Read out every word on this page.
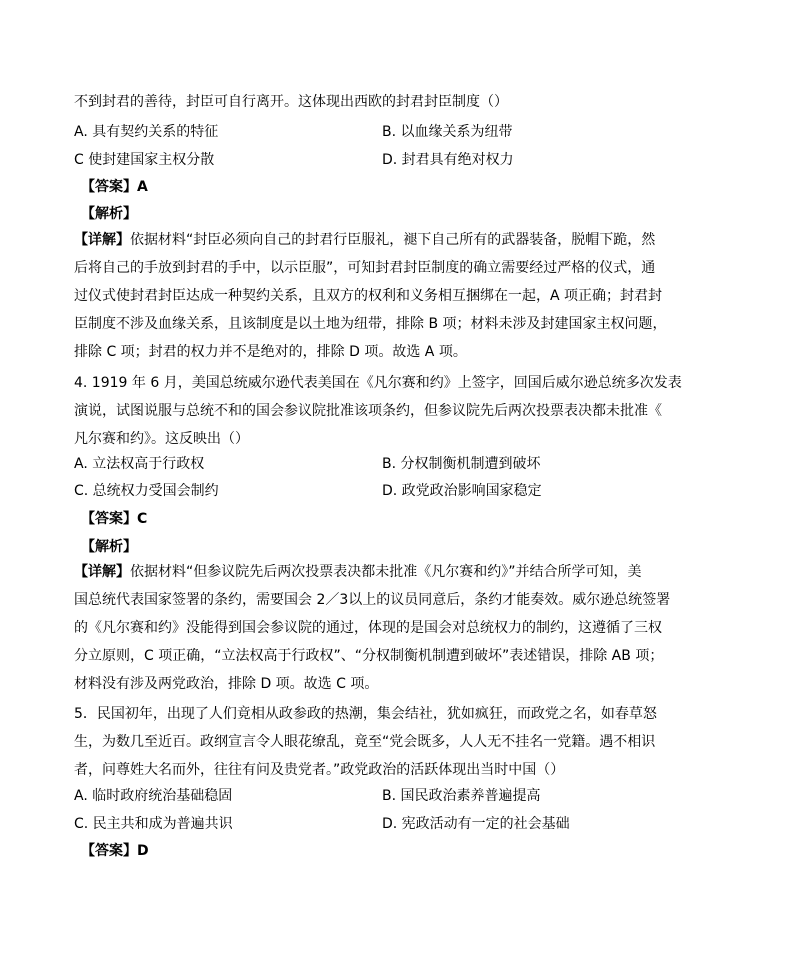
不到封君的善待，封臣可自行离开。这体现出西欧的封君封臣制度（）

A. 具有契约关系的特征	B. 以血缘关系为纽带
C 使封建国家主权分散	D. 封君具有绝对权力

【答案】A

【解析】

【详解】依据材料“封臣必须向自己的封君行臣服礼，褪下自己所有的武器装备，脱帽下跪，然

后将自己的手放到封君的手中，以示臣服”，可知封君封臣制度的确立需要经过严格的仪式，通

过仪式使封君封臣达成一种契约关系，且双方的权利和义务相互捆绑在一起，A 项正确；封君封

臣制度不涉及血缘关系，且该制度是以土地为纽带，排除 B 项；材料未涉及封建国家主权问题，

排除 C 项；封君的权力并不是绝对的，排除 D 项。故选 A 项。

4. 1919 年 6 月，美国总统威尔逊代表美国在《凡尔赛和约》上签字，回国后威尔逊总统多次发表

演说，试图说服与总统不和的国会参议院批准该项条约，但参议院先后两次投票表决都未批准《

凡尔赛和约》。这反映出（）

A. 立法权高于行政权	B. 分权制衡机制遭到破坏
C. 总统权力受国会制约	D. 政党政治影响国家稳定

【答案】C

【解析】

【详解】依据材料“但参议院先后两次投票表决都未批准《凡尔赛和约》”并结合所学可知，美

国总统代表国家签署的条约，需要国会 2／3以上的议员同意后，条约才能奏效。威尔逊总统签署

的《凡尔赛和约》没能得到国会参议院的通过，体现的是国会对总统权力的制约，这遵循了三权

分立原则，C 项正确，“立法权高于行政权”、“分权制衡机制遭到破坏”表述错误，排除 AB 项；

材料没有涉及两党政治，排除 D 项。故选 C 项。

5．民国初年，出现了人们竟相从政参政的热潮，集会结社，犹如疯狂，而政党之名，如春草怒

生，为数几至近百。政纲宣言令人眼花缭乱，竟至“党会既多，人人无不挂名一党籍。遇不相识

者，问尊姓大名而外，往往有问及贵党者。”政党政治的活跃体现出当时中国（）

A. 临时政府统治基础稳固	B. 国民政治素养普遍提高
C. 民主共和成为普遍共识	D. 宪政活动有一定的社会基础

【答案】D
